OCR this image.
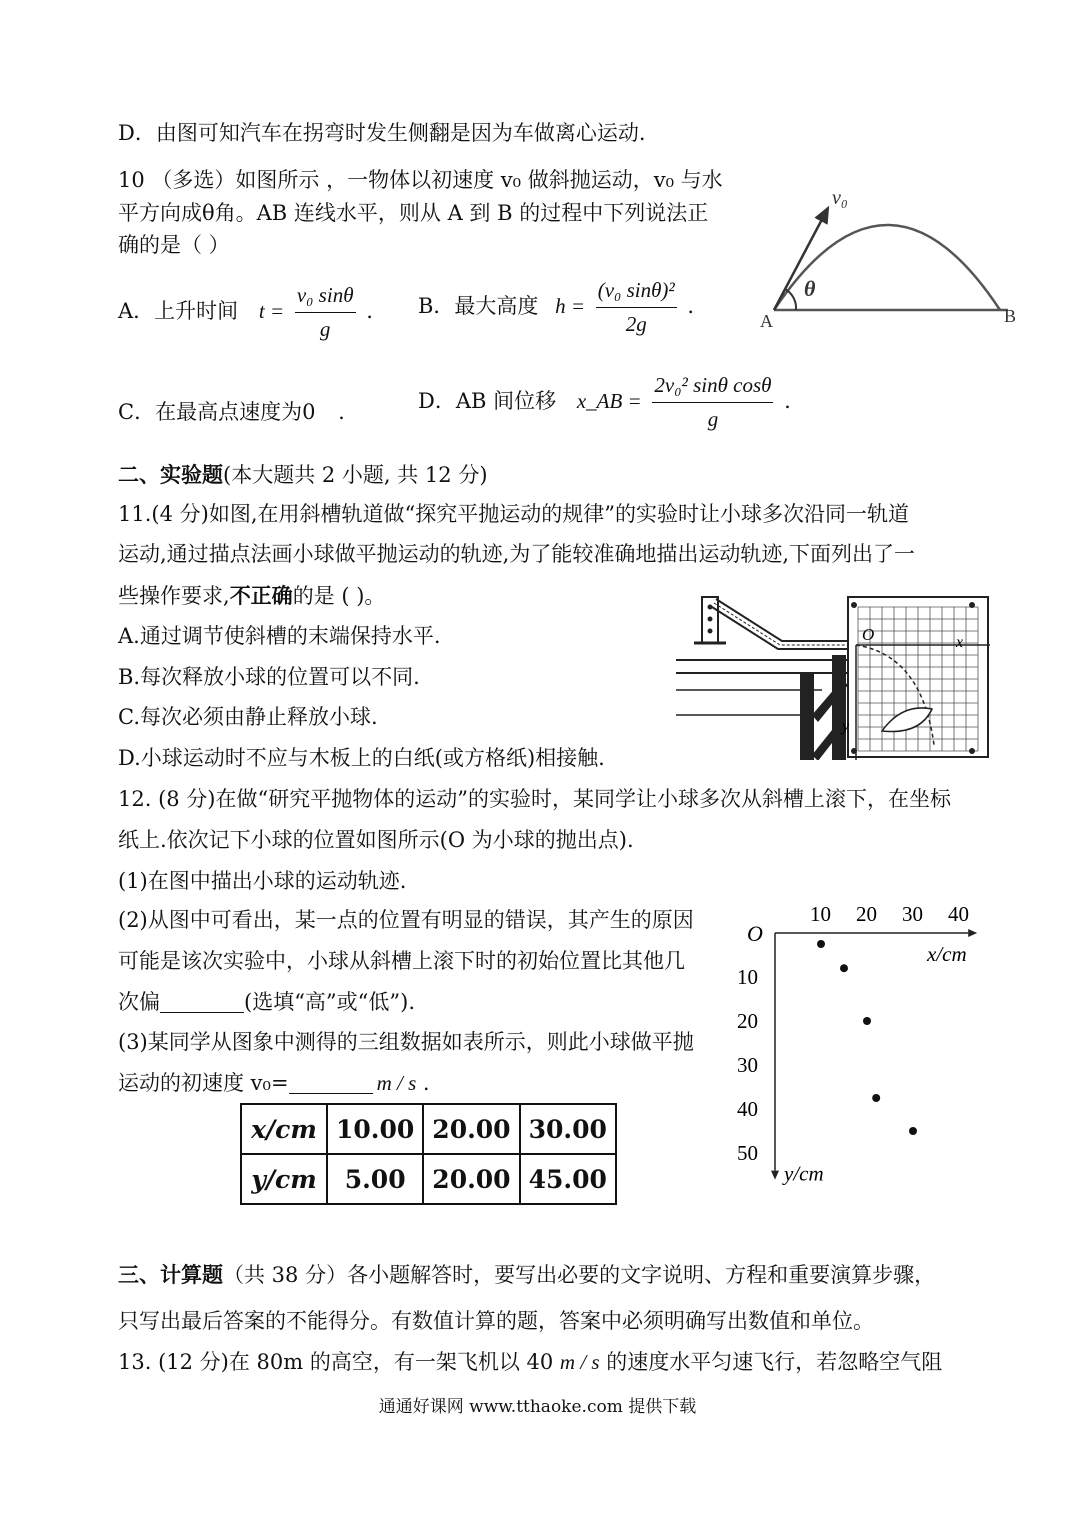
D．由图可知汽车在拐弯时发生侧翻是因为车做离心运动.
10 （多选）如图所示 ，一物体以初速度 v₀ 做斜抛运动，v₀ 与水
平方向成θ角。AB 连线水平，则从 A 到 B 的过程中下列说法正
确的是（ ）
A．上升时间 $t = \frac{\text{v₀ sinθ}}{g}$ . B．最大高度 $h = \frac{\text{(v₀ sinθ)²}}{2g}$ .
C．在最高点速度为0 .	D．AB 间位移 x_AB = $\frac{\text{2v₀² sinθ cosθ}}{g}$ .
v₀
θ
A	B
二、实验题(本大题共 2 小题, 共 12 分)
11.(4 分)如图,在用斜槽轨道做“探究平抛运动的规律”的实验时让小球多次沿同一轨道
运动,通过描点法画小球做平抛运动的轨迹,为了能较准确地描出运动轨迹,下面列出了一
些操作要求,不正确的是 ( )。
A.通过调节使斜槽的末端保持水平.
B.每次释放小球的位置可以不同.
C.每次必须由静止释放小球.
D.小球运动时不应与木板上的白纸(或方格纸)相接触.
O	x
y
12. (8 分)在做“研究平抛物体的运动”的实验时，某同学让小球多次从斜槽上滚下，在坐标
纸上.依次记下小球的位置如图所示(O 为小球的抛出点).
(1)在图中描出小球的运动轨迹.
(2)从图中可看出，某一点的位置有明显的错误，其产生的原因
可能是该次实验中，小球从斜槽上滚下时的初始位置比其他几
次偏	(选填“高”或“低”).
(3)某同学从图象中测得的三组数据如表所示，则此小球做平抛
运动的初速度 v₀=	m / s .
x/cm	10.00	20.00	30.00
y/cm	5.00	20.00	45.00
O
10 20 30 40
10
20
30
40
50
x/cm
y/cm
三、计算题（共 38 分）各小题解答时，要写出必要的文字说明、方程和重要演算步骤，
只写出最后答案的不能得分。有数值计算的题，答案中必须明确写出数值和单位。
13. (12 分)在 80m 的高空，有一架飞机以 40 m / s 的速度水平匀速飞行，若忽略空气阻
通通好课网 www.tthaoke.com 提供下载
